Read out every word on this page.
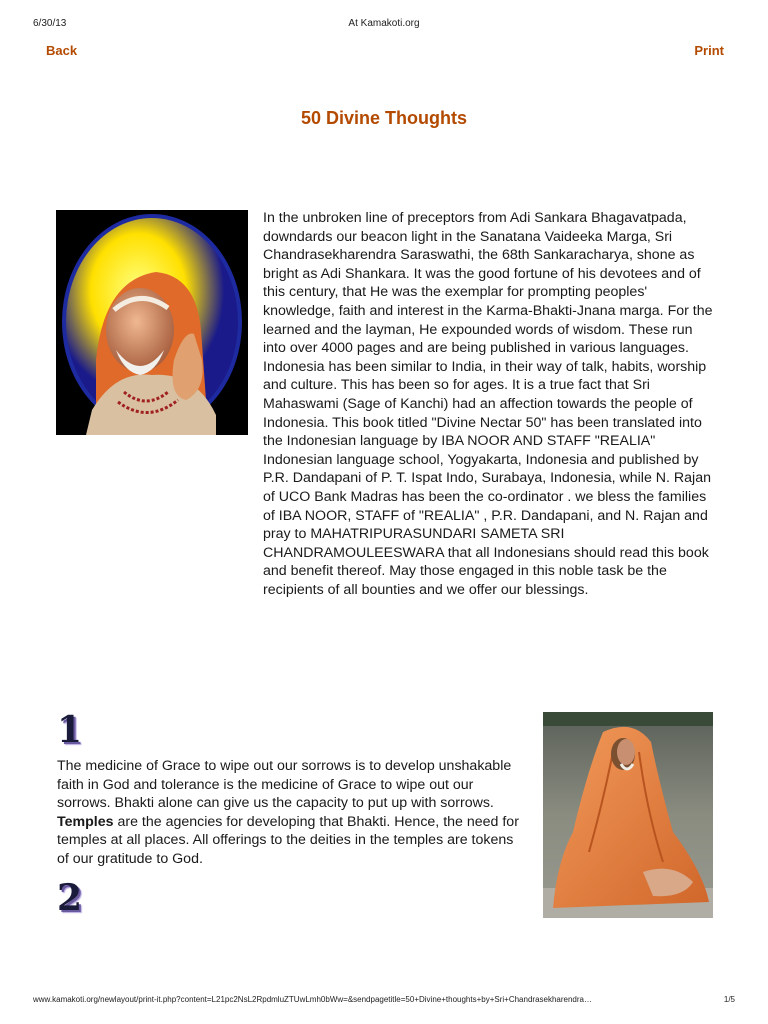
6/30/13	At Kamakoti.org
Back	Print
50 Divine Thoughts

In the unbroken line of preceptors from Adi Sankara Bhagavatpada, downdards our beacon light in the Sanatana Vaideeka Marga, Sri Chandrasekharendra Saraswathi, the 68th Sankaracharya, shone as bright as Adi Shankara. It was the good fortune of his devotees and of this century, that He was the exemplar for prompting peoples' knowledge, faith and interest in the Karma-Bhakti-Jnana marga. For the learned and the layman, He expounded words of wisdom. These run into over 4000 pages and are being published in various languages. Indonesia has been similar to India, in their way of talk, habits, worship and culture. This has been so for ages. It is a true fact that Sri Mahaswami (Sage of Kanchi) had an affection towards the people of Indonesia. This book titled "Divine Nectar 50" has been translated into the Indonesian language by IBA NOOR AND STAFF "REALIA" Indonesian language school, Yogyakarta, Indonesia and published by P.R. Dandapani of P. T. Ispat Indo, Surabaya, Indonesia, while N. Rajan of UCO Bank Madras has been the co-ordinator . we bless the families of IBA NOOR, STAFF of "REALIA" , P.R. Dandapani, and N. Rajan and pray to MAHATRIPURASUNDARI SAMETA SRI CHANDRAMOULEESWARA that all Indonesians should read this book and benefit thereof. May those engaged in this noble task be the recipients of all bounties and we offer our blessings.

1

The medicine of Grace to wipe out our sorrows is to develop unshakable faith in God and tolerance is the medicine of Grace to wipe out our sorrows. Bhakti alone can give us the capacity to put up with sorrows. Temples are the agencies for developing that Bhakti. Hence, the need for temples at all places. All offerings to the deities in the temples are tokens of our gratitude to God.

2
www.kamakoti.org/newlayout/print-it.php?content=L21pc2NsL2RpdmluZTUwLmh0bWw=&sendpagetitle=50+Divine+thoughts+by+Sri+Chandrasekharendra…	1/5
